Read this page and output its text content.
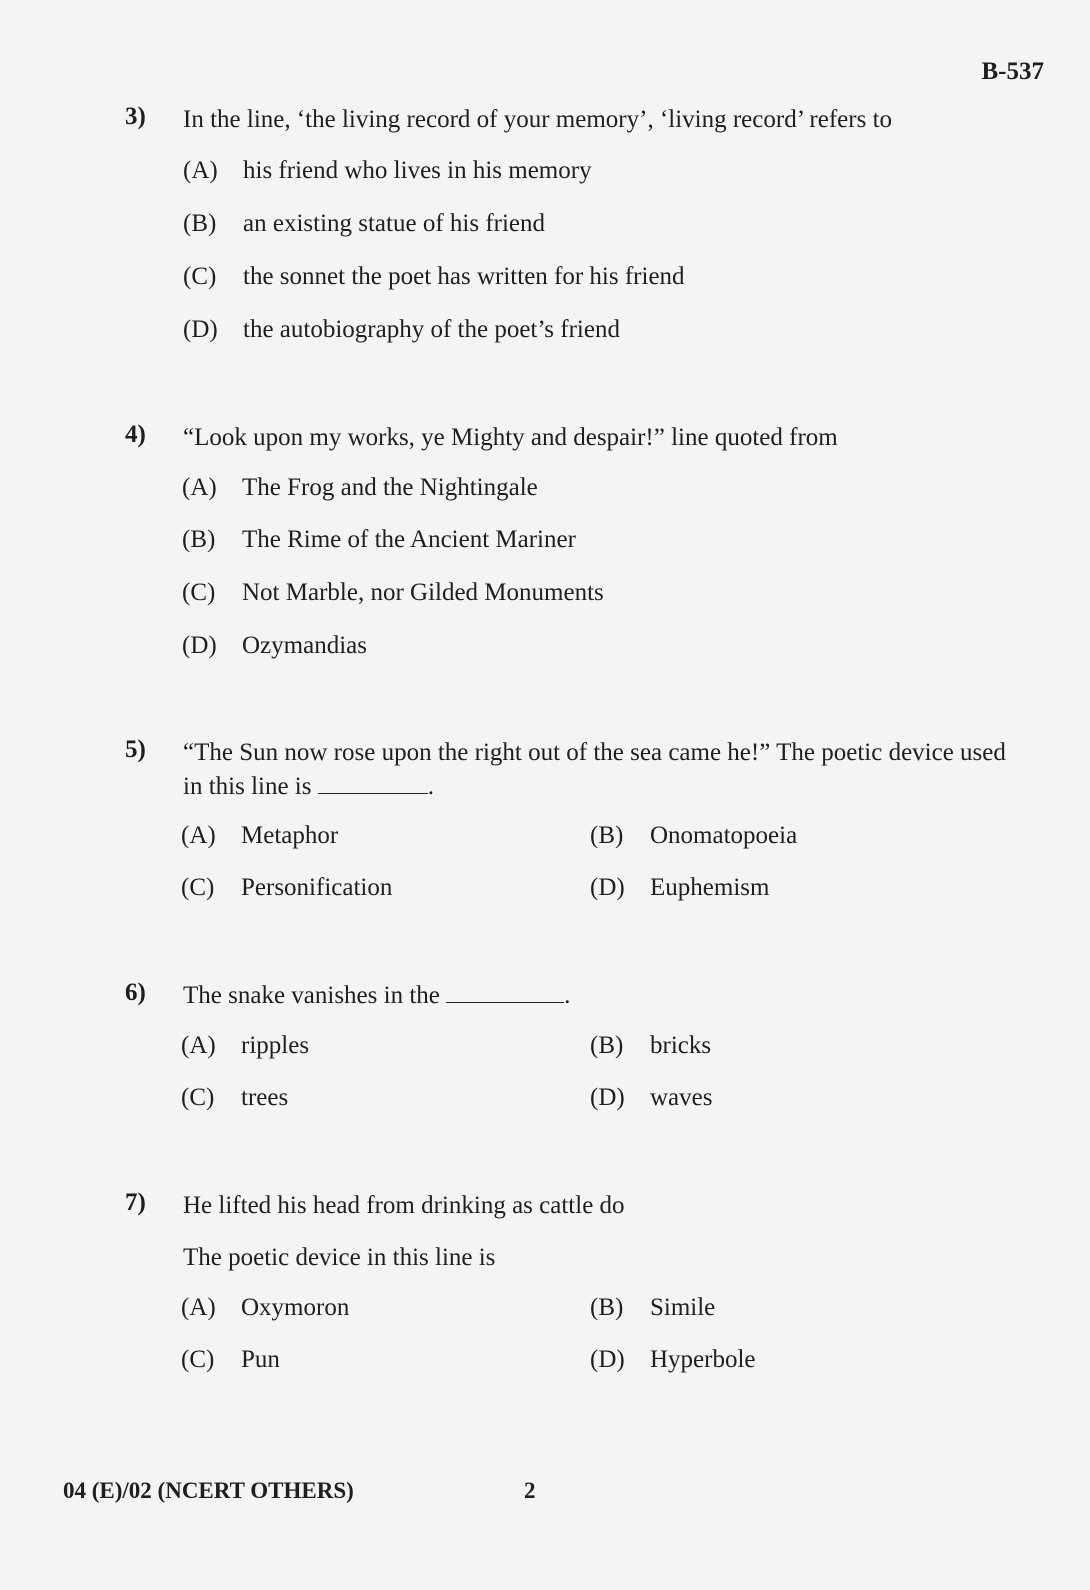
B-537
3)	In the line, ‘the living record of your memory’, ‘living record’ refers to
(A) his friend who lives in his memory
(B) an existing statue of his friend
(C) the sonnet the poet has written for his friend
(D) the autobiography of the poet’s friend
4)	“Look upon my works, ye Mighty and despair!” line quoted from
(A) The Frog and the Nightingale
(B) The Rime of the Ancient Mariner
(C) Not Marble, nor Gilded Monuments
(D) Ozymandias
5)	“The Sun now rose upon the right out of the sea came he!” The poetic device used
in this line is	.
(A) Metaphor	(B) Onomatopoeia
(C) Personification	(D) Euphemism
6)	The snake vanishes in the	.
(A) ripples	(B) bricks
(C) trees	(D) waves
7)	He lifted his head from drinking as cattle do
The poetic device in this line is
(A) Oxymoron	(B) Simile
(C) Pun	(D) Hyperbole
04 (E)/02 (NCERT OTHERS)	2
